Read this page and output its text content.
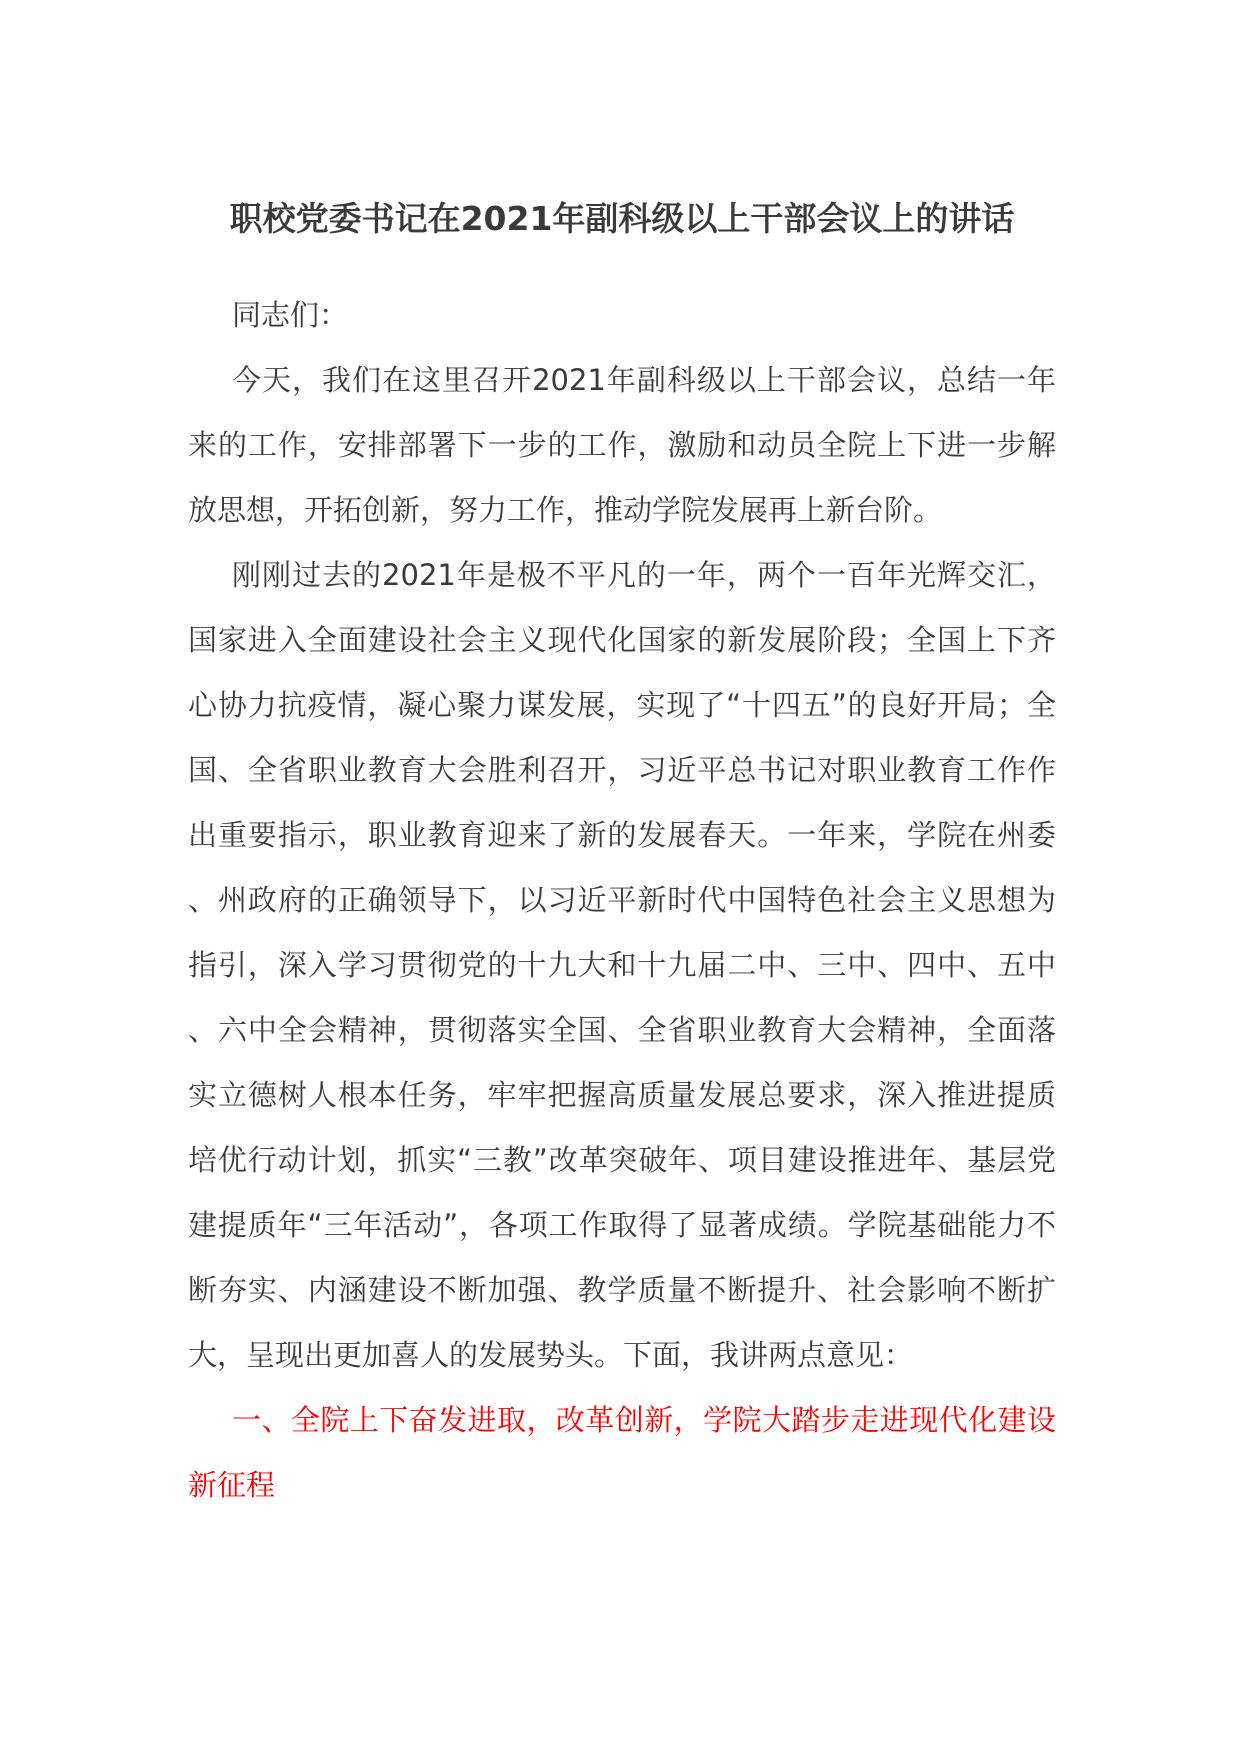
职校党委书记在2021年副科级以上干部会议上的讲话

同志们：

今天，我们在这里召开2021年副科级以上干部会议，总结一年来的工作，安排部署下一步的工作，激励和动员全院上下进一步解放思想，开拓创新，努力工作，推动学院发展再上新台阶。

刚刚过去的2021年是极不平凡的一年，两个一百年光辉交汇，国家进入全面建设社会主义现代化国家的新发展阶段；全国上下齐心协力抗疫情，凝心聚力谋发展，实现了“十四五”的良好开局；全国、全省职业教育大会胜利召开，习近平总书记对职业教育工作作出重要指示，职业教育迎来了新的发展春天。一年来，学院在州委、州政府的正确领导下，以习近平新时代中国特色社会主义思想为指引，深入学习贯彻党的十九大和十九届二中、三中、四中、五中、六中全会精神，贯彻落实全国、全省职业教育大会精神，全面落实立德树人根本任务，牢牢把握高质量发展总要求，深入推进提质培优行动计划，抓实“三教”改革突破年、项目建设推进年、基层党建提质年“三年活动”，各项工作取得了显著成绩。学院基础能力不断夯实、内涵建设不断加强、教学质量不断提升、社会影响不断扩大，呈现出更加喜人的发展势头。下面，我讲两点意见：

一、全院上下奋发进取，改革创新，学院大踏步走进现代化建设新征程
